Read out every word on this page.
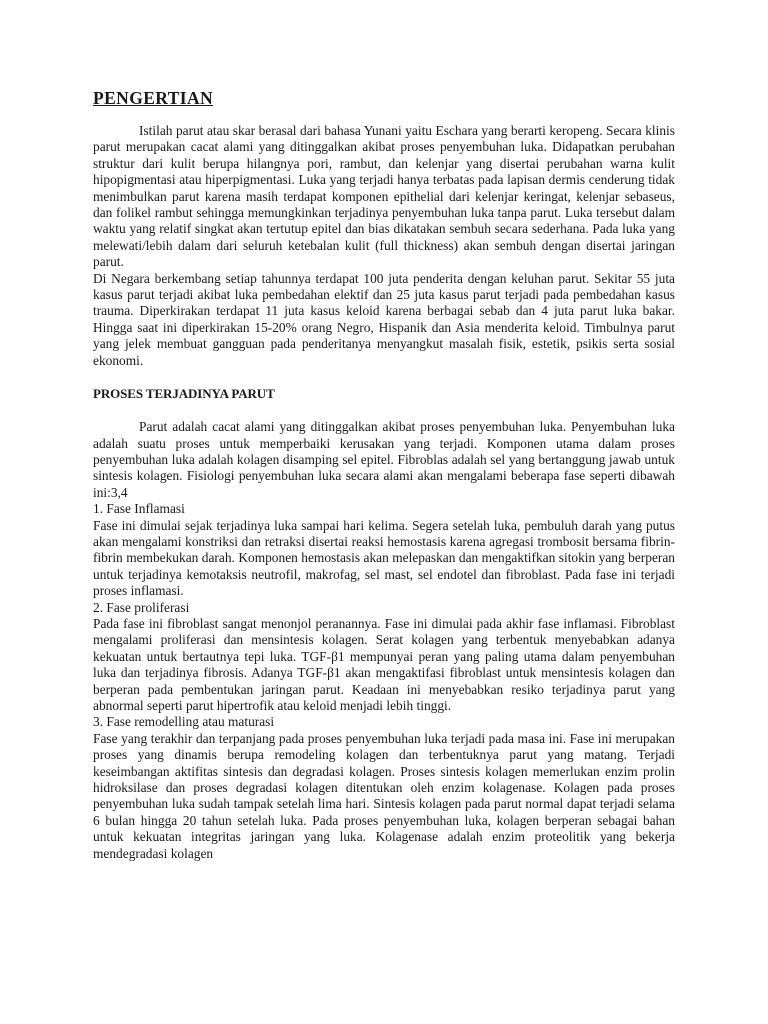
PENGERTIAN

Istilah parut atau skar berasal dari bahasa Yunani yaitu Eschara yang berarti keropeng. Secara klinis parut merupakan cacat alami yang ditinggalkan akibat proses penyembuhan luka. Didapatkan perubahan struktur dari kulit berupa hilangnya pori, rambut, dan kelenjar yang disertai perubahan warna kulit hipopigmentasi atau hiperpigmentasi. Luka yang terjadi hanya terbatas pada lapisan dermis cenderung tidak menimbulkan parut karena masih terdapat komponen epithelial dari kelenjar keringat, kelenjar sebaseus, dan folikel rambut sehingga memungkinkan terjadinya penyembuhan luka tanpa parut. Luka tersebut dalam waktu yang relatif singkat akan tertutup epitel dan bias dikatakan sembuh secara sederhana. Pada luka yang melewati/lebih dalam dari seluruh ketebalan kulit (full thickness) akan sembuh dengan disertai jaringan parut.

Di Negara berkembang setiap tahunnya terdapat 100 juta penderita dengan keluhan parut. Sekitar 55 juta kasus parut terjadi akibat luka pembedahan elektif dan 25 juta kasus parut terjadi pada pembedahan kasus trauma. Diperkirakan terdapat 11 juta kasus keloid karena berbagai sebab dan 4 juta parut luka bakar. Hingga saat ini diperkirakan 15-20% orang Negro, Hispanik dan Asia menderita keloid. Timbulnya parut yang jelek membuat gangguan pada penderitanya menyangkut masalah fisik, estetik, psikis serta sosial ekonomi.

PROSES TERJADINYA PARUT

Parut adalah cacat alami yang ditinggalkan akibat proses penyembuhan luka. Penyembuhan luka adalah suatu proses untuk memperbaiki kerusakan yang terjadi. Komponen utama dalam proses penyembuhan luka adalah kolagen disamping sel epitel. Fibroblas adalah sel yang bertanggung jawab untuk sintesis kolagen. Fisiologi penyembuhan luka secara alami akan mengalami beberapa fase seperti dibawah ini:3,4

1. Fase Inflamasi

Fase ini dimulai sejak terjadinya luka sampai hari kelima. Segera setelah luka, pembuluh darah yang putus akan mengalami konstriksi dan retraksi disertai reaksi hemostasis karena agregasi trombosit bersama fibrin-fibrin membekukan darah. Komponen hemostasis akan melepaskan dan mengaktifkan sitokin yang berperan untuk terjadinya kemotaksis neutrofil, makrofag, sel mast, sel endotel dan fibroblast. Pada fase ini terjadi proses inflamasi.

2. Fase proliferasi

Pada fase ini fibroblast sangat menonjol peranannya. Fase ini dimulai pada akhir fase inflamasi. Fibroblast mengalami proliferasi dan mensintesis kolagen. Serat kolagen yang terbentuk menyebabkan adanya kekuatan untuk bertautnya tepi luka. TGF-β1 mempunyai peran yang paling utama dalam penyembuhan luka dan terjadinya fibrosis. Adanya TGF-β1 akan mengaktifasi fibroblast untuk mensintesis kolagen dan berperan pada pembentukan jaringan parut. Keadaan ini menyebabkan resiko terjadinya parut yang abnormal seperti parut hipertrofik atau keloid menjadi lebih tinggi.

3. Fase remodelling atau maturasi

Fase yang terakhir dan terpanjang pada proses penyembuhan luka terjadi pada masa ini. Fase ini merupakan proses yang dinamis berupa remodeling kolagen dan terbentuknya parut yang matang. Terjadi keseimbangan aktifitas sintesis dan degradasi kolagen. Proses sintesis kolagen memerlukan enzim prolin hidroksilase dan proses degradasi kolagen ditentukan oleh enzim kolagenase. Kolagen pada proses penyembuhan luka sudah tampak setelah lima hari. Sintesis kolagen pada parut normal dapat terjadi selama 6 bulan hingga 20 tahun setelah luka. Pada proses penyembuhan luka, kolagen berperan sebagai bahan untuk kekuatan integritas jaringan yang luka. Kolagenase adalah enzim proteolitik yang bekerja mendegradasi kolagen
